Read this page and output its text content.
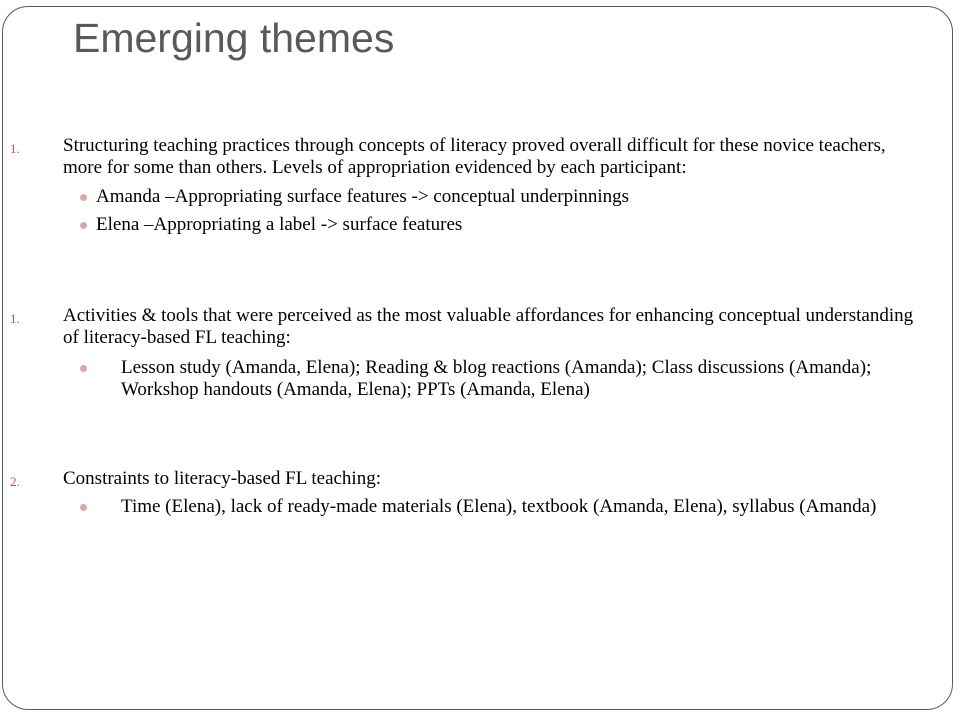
Emerging themes
1. Structuring teaching practices through concepts of literacy proved overall difficult for these novice teachers, more for some than others. Levels of appropriation evidenced by each participant:

Amanda –Appropriating surface features -> conceptual underpinnings

Elena –Appropriating a label -> surface features

1. Activities & tools that were perceived as the most valuable affordances for enhancing conceptual understanding of literacy-based FL teaching:

Lesson study (Amanda, Elena); Reading & blog reactions (Amanda); Class discussions (Amanda); Workshop handouts (Amanda, Elena); PPTs (Amanda, Elena)

2. Constraints to literacy-based FL teaching:

Time (Elena), lack of ready-made materials (Elena), textbook (Amanda, Elena), syllabus (Amanda)
